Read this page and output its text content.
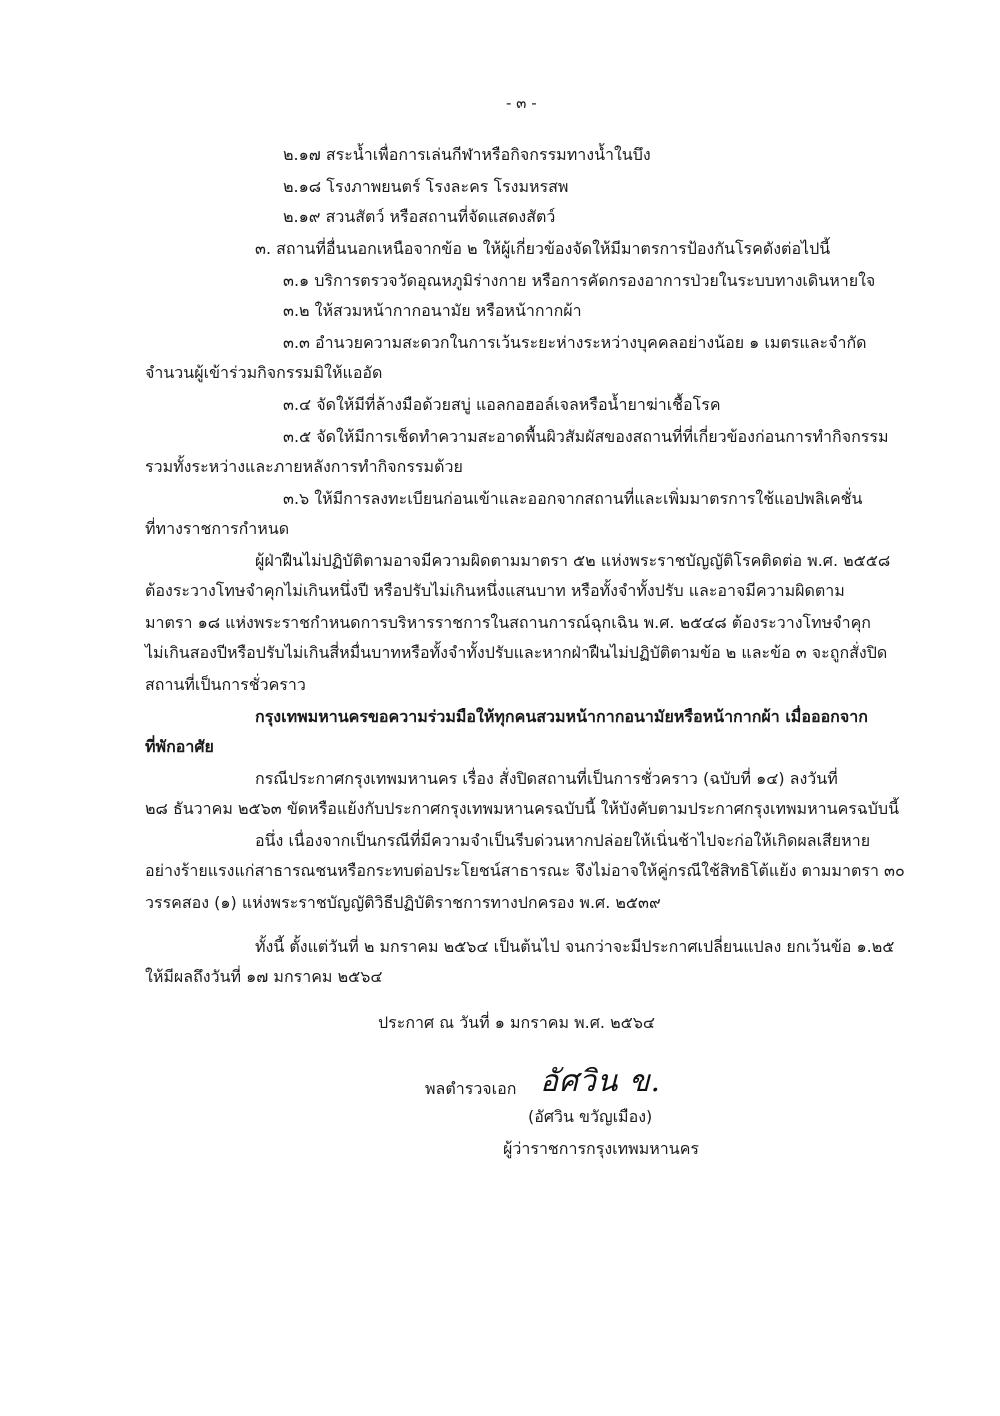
- ๓ -
๒.๑๗ สระน้ำเพื่อการเล่นกีฬาหรือกิจกรรมทางน้ำในบึง
๒.๑๘ โรงภาพยนตร์ โรงละคร โรงมหรสพ
๒.๑๙ สวนสัตว์ หรือสถานที่จัดแสดงสัตว์
๓. สถานที่อื่นนอกเหนือจากข้อ ๒ ให้ผู้เกี่ยวข้องจัดให้มีมาตรการป้องกันโรคดังต่อไปนี้
๓.๑ บริการตรวจวัดอุณหภูมิร่างกาย หรือการคัดกรองอาการป่วยในระบบทางเดินหายใจ
๓.๒ ให้สวมหน้ากากอนามัย หรือหน้ากากผ้า
๓.๓ อำนวยความสะดวกในการเว้นระยะห่างระหว่างบุคคลอย่างน้อย ๑ เมตรและจำกัด
จำนวนผู้เข้าร่วมกิจกรรมมิให้แออัด
๓.๔ จัดให้มีที่ล้างมือด้วยสบู่ แอลกอฮอล์เจลหรือน้ำยาฆ่าเชื้อโรค
๓.๕ จัดให้มีการเช็ดทำความสะอาดพื้นผิวสัมผัสของสถานที่ที่เกี่ยวข้องก่อนการทำกิจกรรม
รวมทั้งระหว่างและภายหลังการทำกิจกรรมด้วย
๓.๖ ให้มีการลงทะเบียนก่อนเข้าและออกจากสถานที่และเพิ่มมาตรการใช้แอปพลิเคชั่น
ที่ทางราชการกำหนด
ผู้ฝ่าฝืนไม่ปฏิบัติตามอาจมีความผิดตามมาตรา ๕๒ แห่งพระราชบัญญัติโรคติดต่อ พ.ศ. ๒๕๕๘
ต้องระวางโทษจำคุกไม่เกินหนึ่งปี หรือปรับไม่เกินหนึ่งแสนบาท หรือทั้งจำทั้งปรับ และอาจมีความผิดตาม
มาตรา ๑๘ แห่งพระราชกำหนดการบริหารราชการในสถานการณ์ฉุกเฉิน พ.ศ. ๒๕๔๘ ต้องระวางโทษจำคุก
ไม่เกินสองปีหรือปรับไม่เกินสี่หมื่นบาทหรือทั้งจำทั้งปรับและหากฝ่าฝืนไม่ปฏิบัติตามข้อ ๒ และข้อ ๓ จะถูกสั่งปิด
สถานที่เป็นการชั่วคราว
กรุงเทพมหานครขอความร่วมมือให้ทุกคนสวมหน้ากากอนามัยหรือหน้ากากผ้า เมื่อออกจาก
ที่พักอาศัย
กรณีประกาศกรุงเทพมหานคร เรื่อง สั่งปิดสถานที่เป็นการชั่วคราว (ฉบับที่ ๑๔) ลงวันที่
๒๘ ธันวาคม ๒๕๖๓ ขัดหรือแย้งกับประกาศกรุงเทพมหานครฉบับนี้ ให้บังคับตามประกาศกรุงเทพมหานครฉบับนี้
อนึ่ง เนื่องจากเป็นกรณีที่มีความจำเป็นรีบด่วนหากปล่อยให้เนิ่นช้าไปจะก่อให้เกิดผลเสียหาย
อย่างร้ายแรงแก่สาธารณชนหรือกระทบต่อประโยชน์สาธารณะ จึงไม่อาจให้คู่กรณีใช้สิทธิโต้แย้ง ตามมาตรา ๓๐
วรรคสอง (๑) แห่งพระราชบัญญัติวิธีปฏิบัติราชการทางปกครอง พ.ศ. ๒๕๓๙
ทั้งนี้ ตั้งแต่วันที่ ๒ มกราคม ๒๕๖๔ เป็นต้นไป จนกว่าจะมีประกาศเปลี่ยนแปลง ยกเว้นข้อ ๑.๒๕
ให้มีผลถึงวันที่ ๑๗ มกราคม ๒๕๖๔
ประกาศ ณ วันที่ ๑ มกราคม พ.ศ. ๒๕๖๔
พลตำรวจเอก อัศวิน ข.
(อัศวิน ขวัญเมือง)
ผู้ว่าราชการกรุงเทพมหานคร
